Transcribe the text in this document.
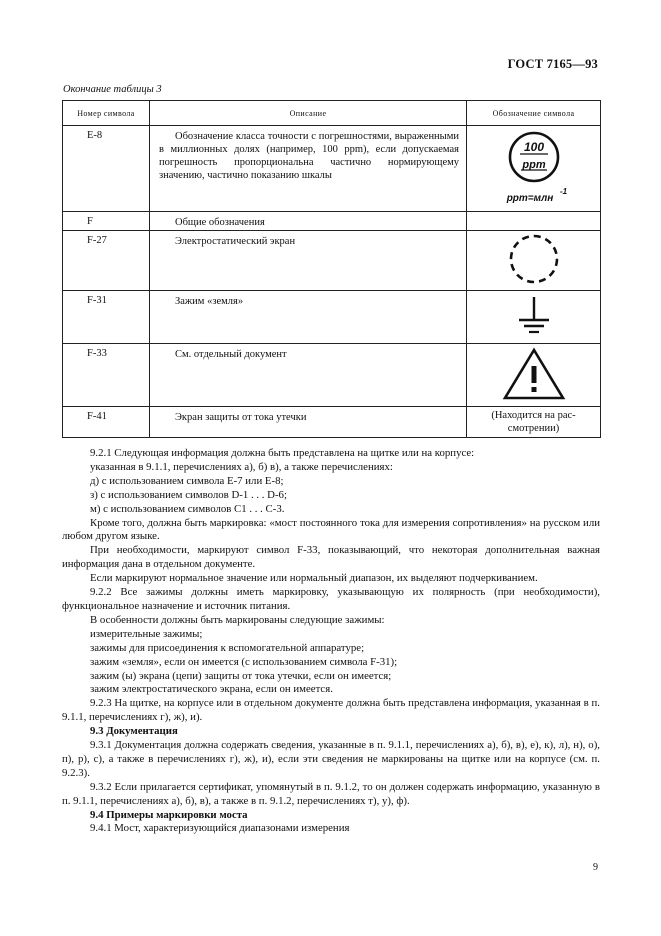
ГОСТ 7165—93
Окончание таблицы 3
Номер символа	Описание	Обозначение символа
E-8	Обозначение класса точности с погрешностями, выраженными в миллионных долях (например, 100 ppm), если допускаемая погрешность пропорциональна частично нормирующему значению, частично показанию шкалы	100
ppm
ppm=млн
-1

F	Общие обозначения	

F-27	Электростатический экран

F-31	Зажим «земля»

F-33	См. отдельный документ

F-41	Экран защиты от тока утечки	(Находится на рас-смотрении)

9.2.1 Следующая информация должна быть представлена на щитке или на корпусе:

указанная в 9.1.1, перечислениях а), б) в), а также перечислениях:

д) с использованием символа Е-7 или Е-8;

з) с использованием символов D-1 . . . D-6;

м) с использованием символов С1 . . . С-3.

Кроме того, должна быть маркировка: «мост постоянного тока для измерения сопротивления» на русском или любом другом языке.

При необходимости, маркируют символ F-33, показывающий, что некоторая дополнительная важная информация дана в отдельном документе.

Если маркируют нормальное значение или нормальный диапазон, их выделяют подчеркиванием.

9.2.2 Все зажимы должны иметь маркировку, указывающую их полярность (при необходимости), функциональное назначение и источник питания.

В особенности должны быть маркированы следующие зажимы:

измерительные зажимы;

зажимы для присоединения к вспомогательной аппаратуре;

зажим «земля», если он имеется (с использованием символа F-31);

зажим (ы) экрана (цепи) защиты от тока утечки, если он имеется;

зажим электростатического экрана, если он имеется.

9.2.3 На щитке, на корпусе или в отдельном документе должна быть представлена информация, указанная в п. 9.1.1, перечислениях г), ж), и).

9.3 Документация

9.3.1 Документация должна содержать сведения, указанные в п. 9.1.1, перечислениях а), б), в), е), к), л), н), о), п), р), с), а также в перечислениях г), ж), и), если эти сведения не маркированы на щитке или на корпусе (см. п. 9.2.3).

9.3.2 Если прилагается сертификат, упомянутый в п. 9.1.2, то он должен содержать информацию, указанную в п. 9.1.1, перечислениях а), б), в), а также в п. 9.1.2, перечислениях т), у), ф).

9.4 Примеры маркировки моста

9.4.1 Мост, характеризующийся диапазонами измерения

9
